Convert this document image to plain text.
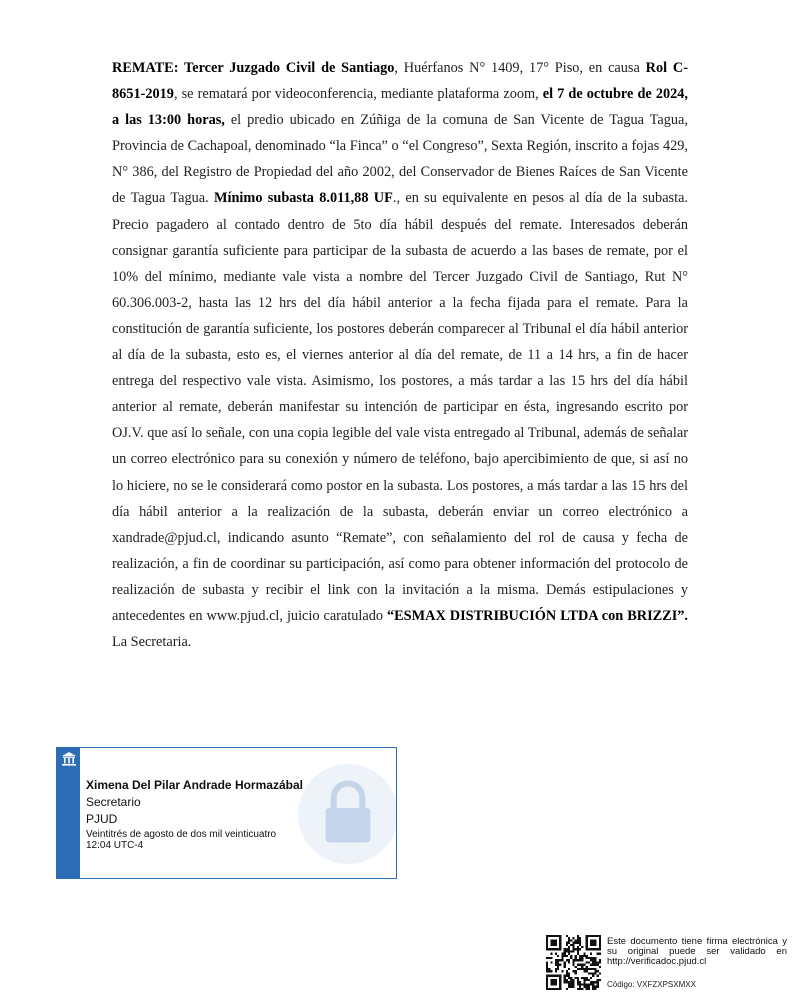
REMATE: Tercer Juzgado Civil de Santiago, Huérfanos N° 1409, 17° Piso, en causa Rol C-8651-2019, se rematará por videoconferencia, mediante plataforma zoom, el 7 de octubre de 2024, a las 13:00 horas, el predio ubicado en Zúñiga de la comuna de San Vicente de Tagua Tagua, Provincia de Cachapoal, denominado “la Finca” o “el Congreso”, Sexta Región, inscrito a fojas 429, N° 386, del Registro de Propiedad del año 2002, del Conservador de Bienes Raíces de San Vicente de Tagua Tagua. Mínimo subasta 8.011,88 UF., en su equivalente en pesos al día de la subasta. Precio pagadero al contado dentro de 5to día hábil después del remate. Interesados deberán consignar garantía suficiente para participar de la subasta de acuerdo a las bases de remate, por el 10% del mínimo, mediante vale vista a nombre del Tercer Juzgado Civil de Santiago, Rut N° 60.306.003-2, hasta las 12 hrs del día hábil anterior a la fecha fijada para el remate. Para la constitución de garantía suficiente, los postores deberán comparecer al Tribunal el día hábil anterior al día de la subasta, esto es, el viernes anterior al día del remate, de 11 a 14 hrs, a fin de hacer entrega del respectivo vale vista. Asimismo, los postores, a más tardar a las 15 hrs del día hábil anterior al remate, deberán manifestar su intención de participar en ésta, ingresando escrito por OJ.V. que así lo señale, con una copia legible del vale vista entregado al Tribunal, además de señalar un correo electrónico para su conexión y número de teléfono, bajo apercibimiento de que, si así no lo hiciere, no se le considerará como postor en la subasta. Los postores, a más tardar a las 15 hrs del día hábil anterior a la realización de la subasta, deberán enviar un correo electrónico a xandrade@pjud.cl, indicando asunto “Remate”, con señalamiento del rol de causa y fecha de realización, a fin de coordinar su participación, así como para obtener información del protocolo de realización de subasta y recibir el link con la invitación a la misma. Demás estipulaciones y antecedentes en www.pjud.cl, juicio caratulado “ESMAX DISTRIBUCIÓN LTDA con BRIZZI”. La Secretaria.
Ximena Del Pilar Andrade Hormazábal
Secretario
PJUD
Veintitrés de agosto de dos mil veinticuatro
12:04 UTC-4
Este documento tiene firma electrónica y su original puede ser validado en http://verificadoc.pjud.cl
Código: VXFZXPSXMXX
